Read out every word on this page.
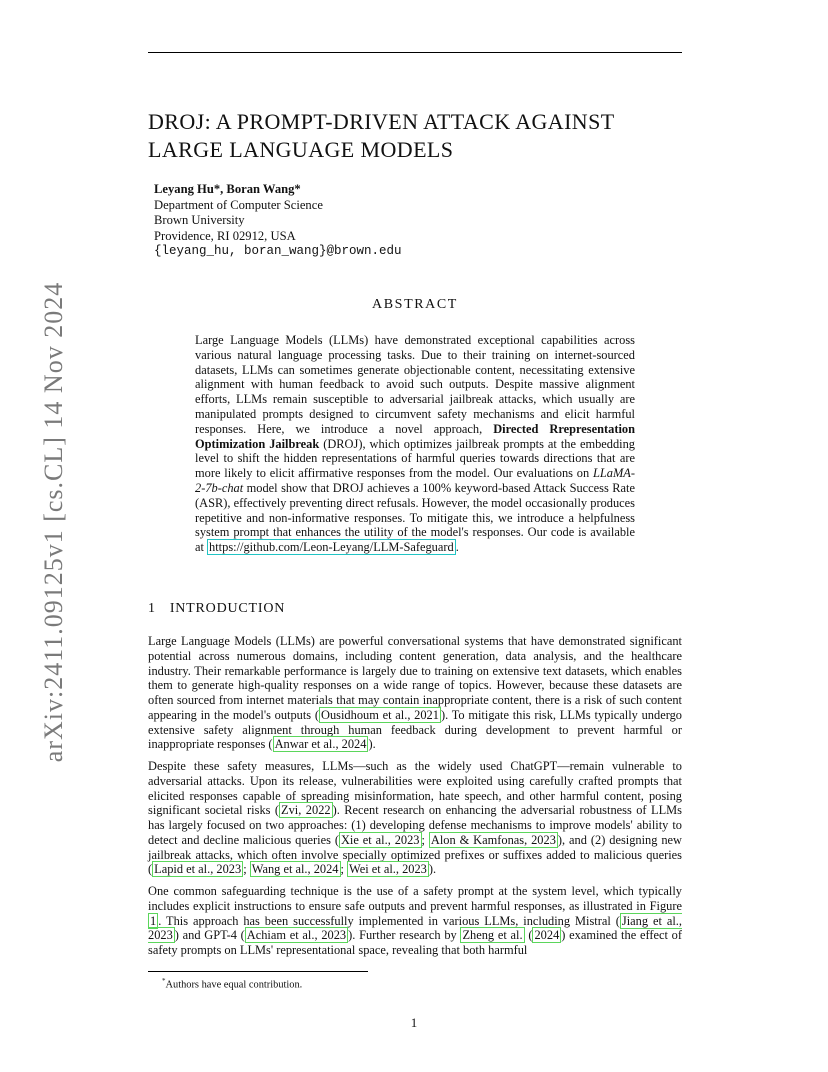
arXiv:2411.09125v1 [cs.CL] 14 Nov 2024
DROJ: A PROMPT-DRIVEN ATTACK AGAINST
LARGE LANGUAGE MODELS
Leyang Hu*, Boran Wang*
Department of Computer Science
Brown University
Providence, RI 02912, USA
{leyang_hu, boran_wang}@brown.edu
ABSTRACT

Large Language Models (LLMs) have demonstrated exceptional capabilities across various natural language processing tasks. Due to their training on internet-sourced datasets, LLMs can sometimes generate objectionable content, necessitating extensive alignment with human feedback to avoid such outputs. Despite massive alignment efforts, LLMs remain susceptible to adversarial jailbreak attacks, which usually are manipulated prompts designed to circumvent safety mechanisms and elicit harmful responses. Here, we introduce a novel approach, Directed Rrepresentation Optimization Jailbreak (DROJ), which optimizes jailbreak prompts at the embedding level to shift the hidden representations of harmful queries towards directions that are more likely to elicit affirmative responses from the model. Our evaluations on LLaMA-2-7b-chat model show that DROJ achieves a 100% keyword-based Attack Success Rate (ASR), effectively preventing direct refusals. However, the model occasionally produces repetitive and non-informative responses. To mitigate this, we introduce a helpfulness system prompt that enhances the utility of the model's responses. Our code is available at https://github.com/Leon-Leyang/LLM-Safeguard .

1 INTRODUCTION

Large Language Models (LLMs) are powerful conversational systems that have demonstrated significant potential across numerous domains, including content generation, data analysis, and the healthcare industry. Their remarkable performance is largely due to training on extensive text datasets, which enables them to generate high-quality responses on a wide range of topics. However, because these datasets are often sourced from internet materials that may contain inappropriate content, there is a risk of such content appearing in the model's outputs ( Ousidhoum et al., 2021 ). To mitigate this risk, LLMs typically undergo extensive safety alignment through human feedback during development to prevent harmful or inappropriate responses ( Anwar et al., 2024 ).

Despite these safety measures, LLMs—such as the widely used ChatGPT—remain vulnerable to adversarial attacks. Upon its release, vulnerabilities were exploited using carefully crafted prompts that elicited responses capable of spreading misinformation, hate speech, and other harmful content, posing significant societal risks ( Zvi, 2022 ). Recent research on enhancing the adversarial robustness of LLMs has largely focused on two approaches: (1) developing defense mechanisms to improve models' ability to detect and decline malicious queries ( Xie et al., 2023 ; Alon & Kamfonas, 2023 ), and (2) designing new jailbreak attacks, which often involve specially optimized prefixes or suffixes added to malicious queries ( Lapid et al., 2023 ; Wang et al., 2024 ; Wei et al., 2023 ).

One common safeguarding technique is the use of a safety prompt at the system level, which typically includes explicit instructions to ensure safe outputs and prevent harmful responses, as illustrated in Figure 1 . This approach has been successfully implemented in various LLMs, including Mistral ( Jiang et al., 2023 ) and GPT-4 ( Achiam et al., 2023 ). Further research by Zheng et al. ( 2024 ) examined the effect of safety prompts on LLMs' representational space, revealing that both harmful

*Authors have equal contribution.
1
